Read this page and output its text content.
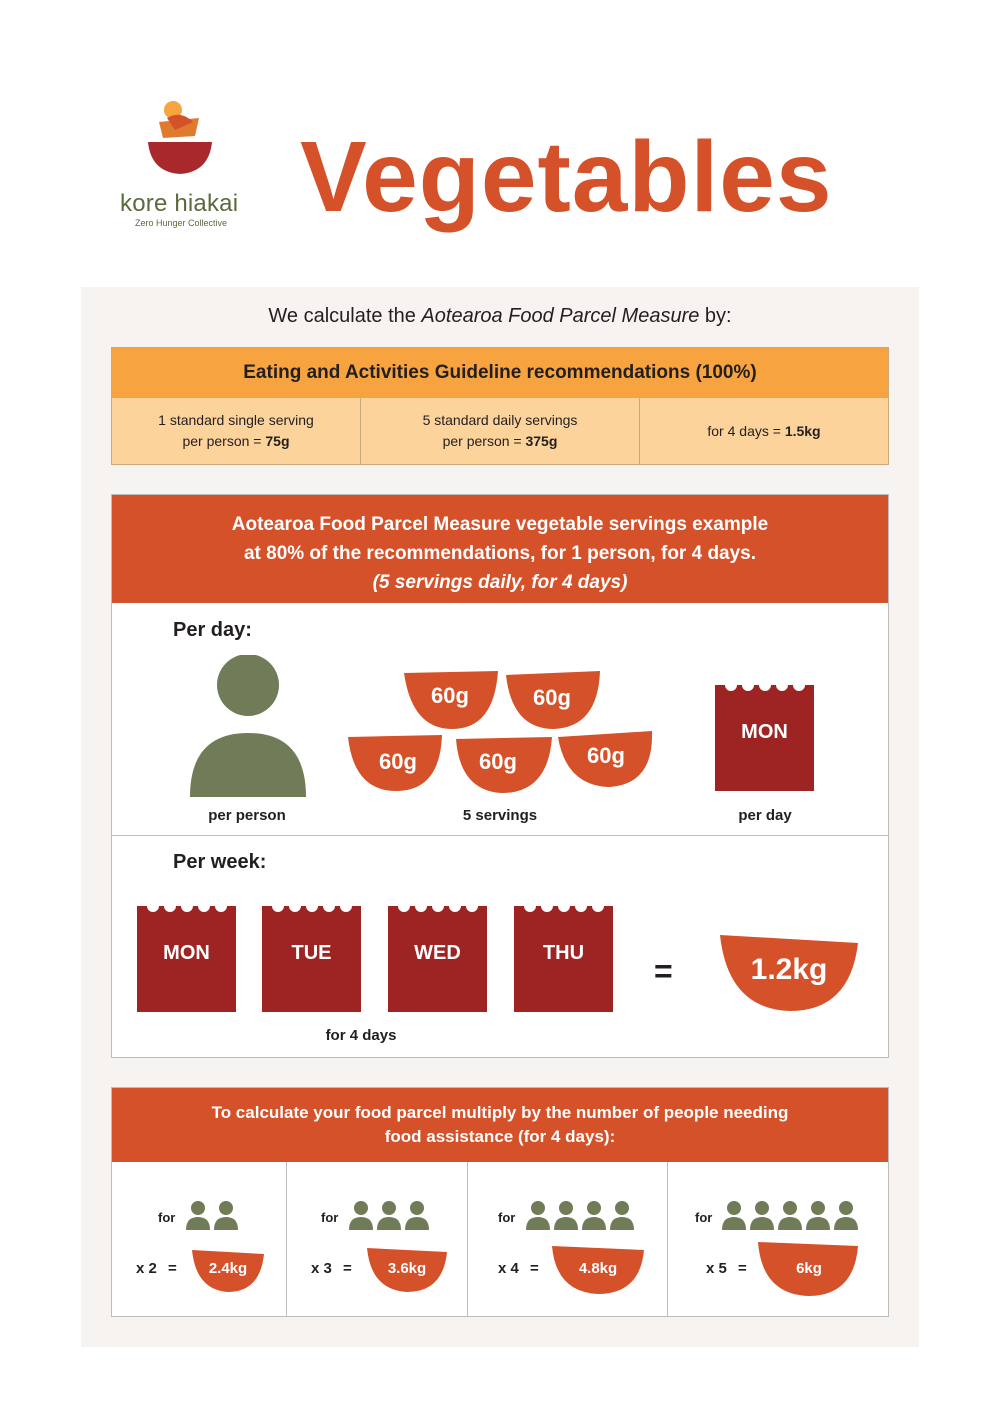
kore hiakai
Zero Hunger Collective Vegetables
We calculate the Aotearoa Food Parcel Measure by:
Eating and Activities Guideline recommendations (100%)
1 standard single serving
per person = 75g
5 standard daily servings
per person = 375g
for 4 days = 1.5kg
Aotearoa Food Parcel Measure vegetable servings example
at 80% of the recommendations, for 1 person, for 4 days.
(5 servings daily, for 4 days)
Per day:
per person
60g	60g
60g	60g	60g
5 servings
MON
per day
Per week:
MON	TUE	WED	THU
for 4 days
=	1.2kg
To calculate your food parcel multiply by the number of people needing
food assistance (for 4 days):
for
x 2 =	2.4kg
for
x 3 =	3.6kg
for
x 4 =	4.8kg
for
x 5 =	6kg
